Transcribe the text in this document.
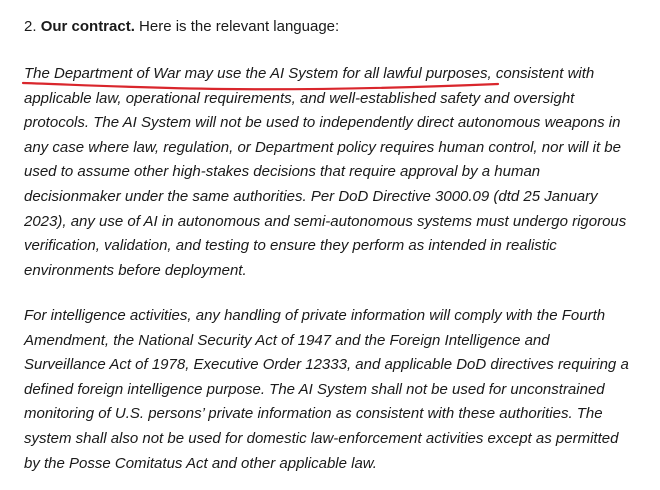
2. Our contract. Here is the relevant language:
The Department of War may use the AI System for all lawful purposes, consistent with
applicable law, operational requirements, and well-established safety and oversight
protocols. The AI System will not be used to independently direct autonomous weapons in
any case where law, regulation, or Department policy requires human control, nor will it be
used to assume other high-stakes decisions that require approval by a human
decisionmaker under the same authorities. Per DoD Directive 3000.09 (dtd 25 January
2023), any use of AI in autonomous and semi-autonomous systems must undergo rigorous
verification, validation, and testing to ensure they perform as intended in realistic
environments before deployment.
For intelligence activities, any handling of private information will comply with the Fourth
Amendment, the National Security Act of 1947 and the Foreign Intelligence and
Surveillance Act of 1978, Executive Order 12333, and applicable DoD directives requiring a
defined foreign intelligence purpose. The AI System shall not be used for unconstrained
monitoring of U.S. persons’ private information as consistent with these authorities. The
system shall also not be used for domestic law-enforcement activities except as permitted
by the Posse Comitatus Act and other applicable law.
